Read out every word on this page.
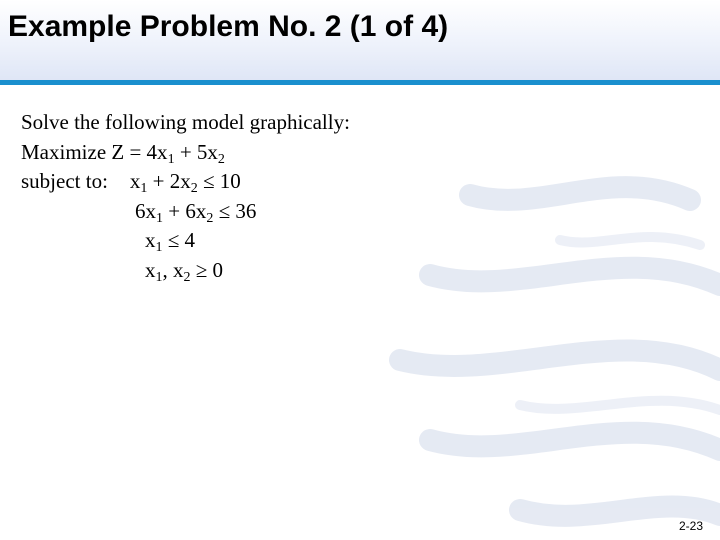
Example Problem No. 2 (1 of 4)
Solve the following model graphically:
Maximize $Z = 4x_1 + 5x_2$
subject to: $x_1 + 2x_2 \le 10$
$6x_1 + 6x_2 \le 36$
$x_1 \le 4$
$x_1$, $x_2 \ge 0$
2-23
